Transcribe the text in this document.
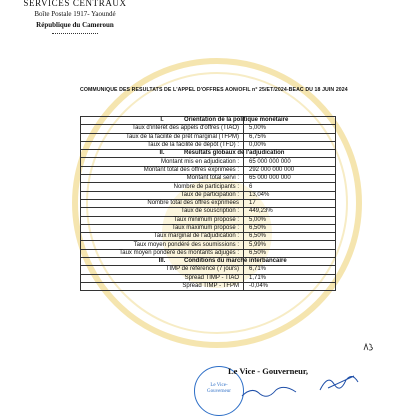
SERVICES CENTRAUX
Boîte Postale 1917- Yaoundé
République du Cameroun
COMMUNIQUE DES RESULTATS DE L'APPEL D'OFFRES AON/OFIL n° 25/ET/2024-BEAC DU 18 JUIN 2024
I.	Orientation de la politique monétaire
Taux d'intérêt des appels d'offres (TIAO)	5,00%
Taux de la facilité de prêt marginal (TFPM)	6,75%
Taux de la facilité de dépôt (TFD) :	0,00%
II.	Résultats globaux de l'adjudication
Montant mis en adjudication :	65 000 000 000
Montant total des offres exprimées :	292 000 000 000
Montant total servi :	65 000 000 000
Nombre de participants :	6
Taux de participation :	13,04%
Nombre total des offres exprimées	17
Taux de souscription :	449,23%
Taux minimum proposé :	5,00%
Taux maximum proposé :	6,50%
Taux marginal de l'adjudication :	6,50%
Taux moyen pondéré des soumissions :	5,99%
Taux moyen pondéré des montants adjugés :	6,50%
III.	Conditions du marché interbancaire
TIMP de référence (7 jours)	6,71%
Spread TIMP - TIAO	1,71%
Spread TIMP - TFPM	-0,04%
Le Vice-Gouverneur
Le Vice - Gouverneur,
